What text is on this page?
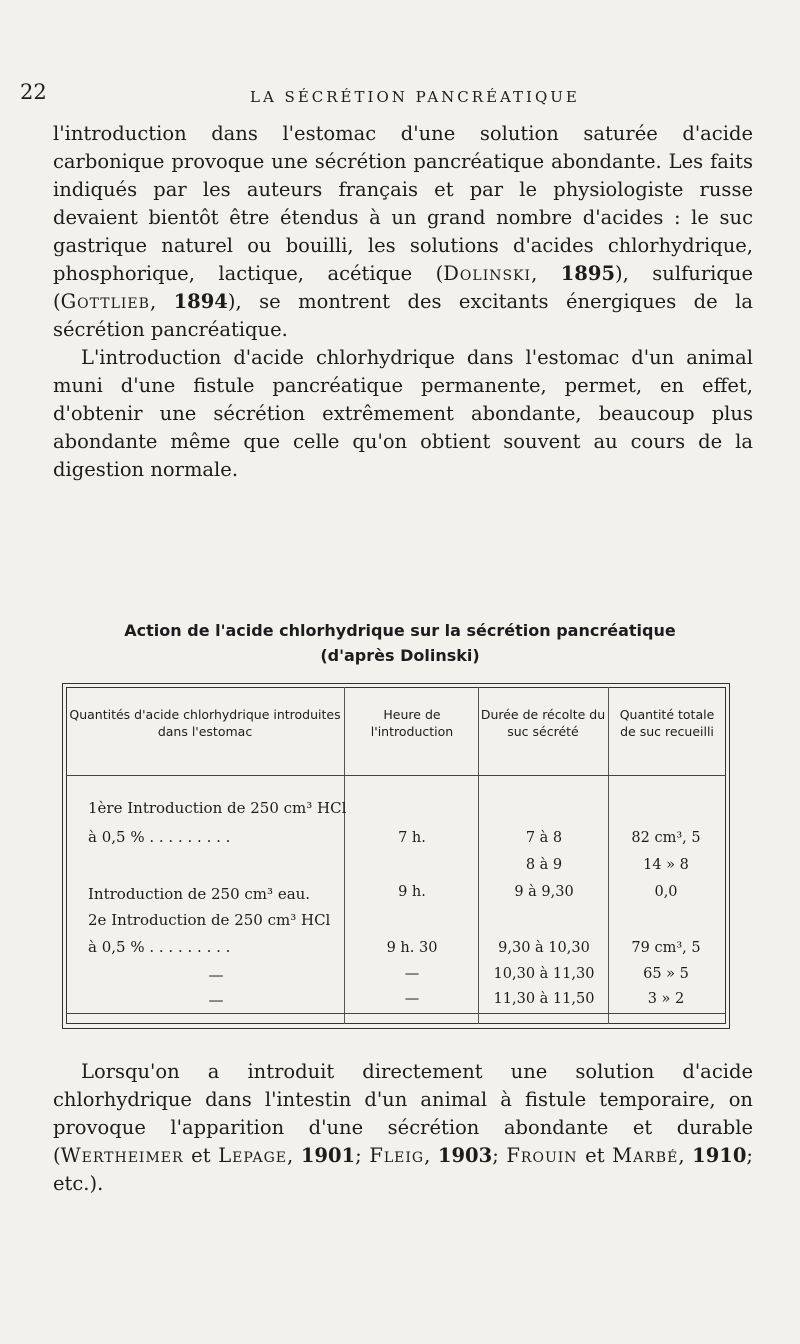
22	LA SÉCRÉTION PANCRÉATIQUE

l'introduction dans l'estomac d'une solution saturée d'acide carbonique provoque une sécrétion pancréatique abondante. Les faits indiqués par les auteurs français et par le physiologiste russe devaient bientôt être étendus à un grand nombre d'acides : le suc gastrique naturel ou bouilli, les solutions d'acides chlorhydrique, phosphorique, lactique, acétique (Dolinski, 1895), sulfurique (Gottlieb, 1894), se montrent des excitants énergiques de la sécrétion pancréatique.

L'introduction d'acide chlorhydrique dans l'estomac d'un animal muni d'une fistule pancréatique permanente, permet, en effet, d'obtenir une sécrétion extrêmement abondante, beaucoup plus abondante même que celle qu'on obtient souvent au cours de la digestion normale.

Action de l'acide chlorhydrique sur la sécrétion pancréatique
(d'après Dolinski)
Quantités d'acide chlorhydrique introduites dans l'estomac
Heure de l'introduction
Durée de récolte du suc sécrété
Quantité totale de suc recueilli
1ère Introduction de 250 cm³ HCl
à 0,5 % . . . . . . . . .
Introduction de 250 cm³ eau.
2e Introduction de 250 cm³ HCl
à 0,5 % . . . . . . . . .
—
—
7 h.
9 h.
9 h. 30
—
—
7 à 8
8 à 9
9 à 9,30
9,30 à 10,30
10,30 à 11,30
11,30 à 11,50
82 cm³, 5
14 » 8
0,0
79 cm³, 5
65 » 5
3 » 2

Lorsqu'on a introduit directement une solution d'acide chlorhydrique dans l'intestin d'un animal à fistule temporaire, on provoque l'apparition d'une sécrétion abondante et durable (Wertheimer et Lepage, 1901; Fleig, 1903; Frouin et Marbé, 1910; etc.).
